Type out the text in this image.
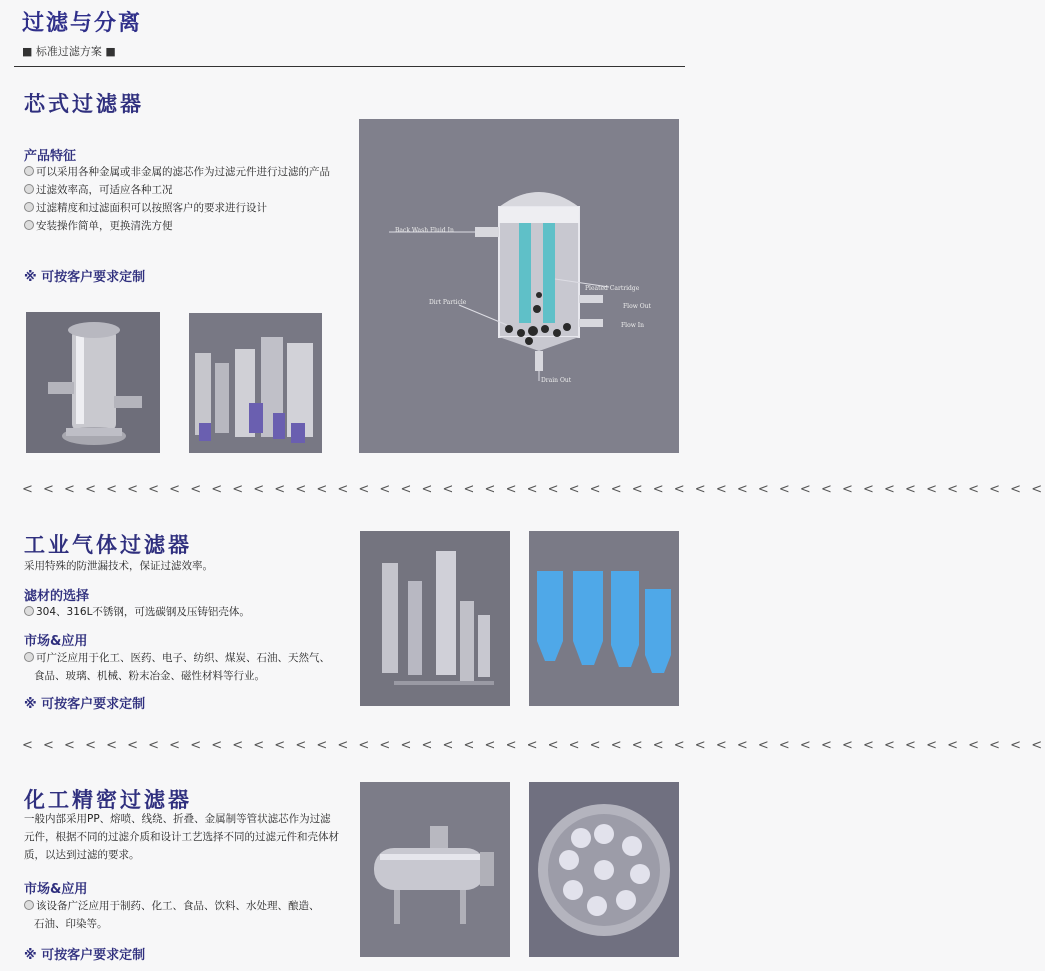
过滤与分离
■ 标准过滤方案 ■
芯式过滤器
产品特征
可以采用各种金属或非金属的滤芯作为过滤元件进行过滤的产品
过滤效率高，可适应各种工况
过滤精度和过滤面积可以按照客户的要求进行设计
安装操作简单，更换清洗方便
※ 可按客户要求定制
Back Wash Fluid In
Pleated Cartridge
Dirt Particle
Flow Out
Flow In
Drain Out
< < < < < < < < < < < < < < < < < < < < < < < < < < < < < < < < < < < < < < < < < < < < < < < < <
工业气体过滤器
采用特殊的防泄漏技术，保证过滤效率。
滤材的选择
304、316L不锈钢，可选碳钢及压铸铝壳体。
市场&应用
可广泛应用于化工、医药、电子、纺织、煤炭、石油、天然气、
食品、玻璃、机械、粉末冶金、磁性材料等行业。
※ 可按客户要求定制
< < < < < < < < < < < < < < < < < < < < < < < < < < < < < < < < < < < < < < < < < < < < < < < < <
化工精密过滤器
一般内部采用PP、熔喷、线绕、折叠、金属制等管状滤芯作为过滤
元件，根据不同的过滤介质和设计工艺选择不同的过滤元件和壳体材
质，以达到过滤的要求。
市场&应用
该设备广泛应用于制药、化工、食品、饮料、水处理、酿造、
石油、印染等。
※ 可按客户要求定制
